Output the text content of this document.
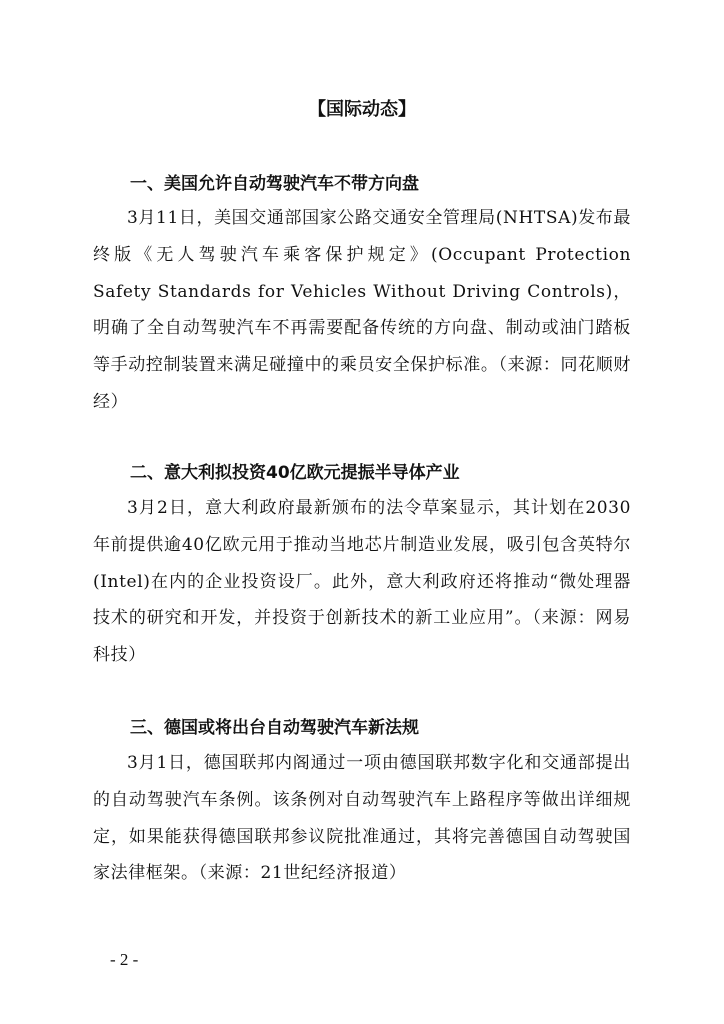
【国际动态】
一、美国允许自动驾驶汽车不带方向盘

3月11日，美国交通部国家公路交通安全管理局(NHTSA)发布最终版《无人驾驶汽车乘客保护规定》(Occupant Protection Safety Standards for Vehicles Without Driving Controls)，明确了全自动驾驶汽车不再需要配备传统的方向盘、制动或油门踏板等手动控制装置来满足碰撞中的乘员安全保护标准。（来源：同花顺财经）

二、意大利拟投资40亿欧元提振半导体产业

3月2日，意大利政府最新颁布的法令草案显示，其计划在2030年前提供逾40亿欧元用于推动当地芯片制造业发展，吸引包含英特尔(Intel)在内的企业投资设厂。此外，意大利政府还将推动“微处理器技术的研究和开发，并投资于创新技术的新工业应用”。（来源：网易科技）

三、德国或将出台自动驾驶汽车新法规

3月1日，德国联邦内阁通过一项由德国联邦数字化和交通部提出的自动驾驶汽车条例。该条例对自动驾驶汽车上路程序等做出详细规定，如果能获得德国联邦参议院批准通过，其将完善德国自动驾驶国家法律框架。（来源：21世纪经济报道）

- 2 -
